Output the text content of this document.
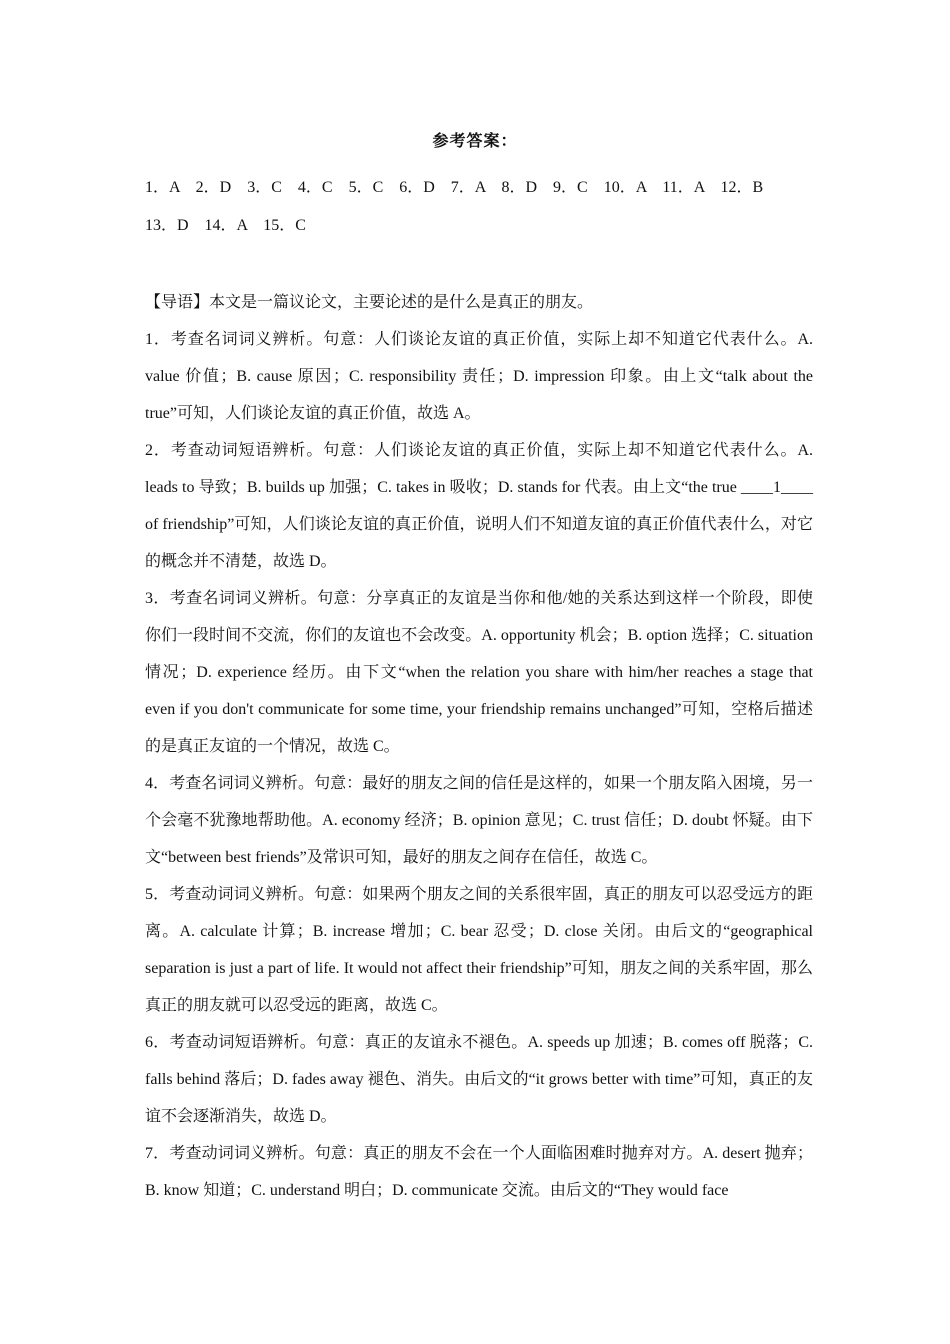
参考答案：
1．A　2．D　3．C　4．C　5．C　6．D　7．A　8．D　9．C　10．A　11．A　12．B
13．D　14．A　15．C

【导语】本文是一篇议论文，主要论述的是什么是真正的朋友。

1．考查名词词义辨析。句意：人们谈论友谊的真正价值，实际上却不知道它代表什么。A. value 价值；B. cause 原因；C. responsibility 责任；D. impression 印象。由上文“talk about the true”可知，人们谈论友谊的真正价值，故选 A。

2．考查动词短语辨析。句意：人们谈论友谊的真正价值，实际上却不知道它代表什么。A. leads to 导致；B. builds up 加强；C. takes in 吸收；D. stands for 代表。由上文“the true ____1____ of friendship”可知，人们谈论友谊的真正价值，说明人们不知道友谊的真正价值代表什么，对它的概念并不清楚，故选 D。

3．考查名词词义辨析。句意：分享真正的友谊是当你和他/她的关系达到这样一个阶段，即使你们一段时间不交流，你们的友谊也不会改变。A. opportunity 机会；B. option 选择；C. situation 情况；D. experience 经历。由下文“when the relation you share with him/her reaches a stage that even if you don't communicate for some time, your friendship remains unchanged”可知，空格后描述的是真正友谊的一个情况，故选 C。

4．考查名词词义辨析。句意：最好的朋友之间的信任是这样的，如果一个朋友陷入困境，另一个会毫不犹豫地帮助他。A. economy 经济；B. opinion 意见；C. trust 信任；D. doubt 怀疑。由下文“between best friends”及常识可知，最好的朋友之间存在信任，故选 C。

5．考查动词词义辨析。句意：如果两个朋友之间的关系很牢固，真正的朋友可以忍受远方的距离。A. calculate 计算；B. increase 增加；C. bear 忍受；D. close 关闭。由后文的“geographical separation is just a part of life. It would not affect their friendship”可知，朋友之间的关系牢固，那么真正的朋友就可以忍受远的距离，故选 C。

6．考查动词短语辨析。句意：真正的友谊永不褪色。A. speeds up 加速；B. comes off 脱落；C. falls behind 落后；D. fades away 褪色、消失。由后文的“it grows better with time”可知，真正的友谊不会逐渐消失，故选 D。

7．考查动词词义辨析。句意：真正的朋友不会在一个人面临困难时抛弃对方。A. desert 抛弃；B. know 知道；C. understand 明白；D. communicate 交流。由后文的“They would face
